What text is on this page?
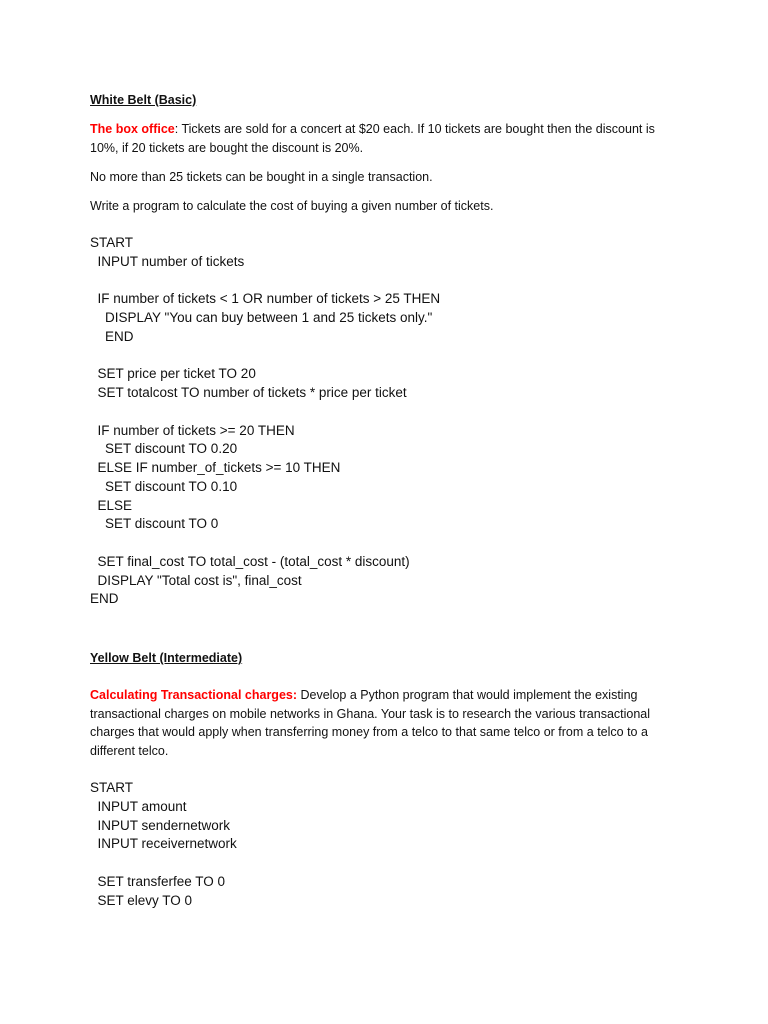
White Belt (Basic)
The box office: Tickets are sold for a concert at $20 each. If 10 tickets are bought then the discount is 10%, if 20 tickets are bought the discount is 20%.
No more than 25 tickets can be bought in a single transaction.
Write a program to calculate the cost of buying a given number of tickets.
START
INPUT number of tickets
IF number of tickets < 1 OR number of tickets > 25 THEN
DISPLAY "You can buy between 1 and 25 tickets only."
END
SET price per ticket TO 20
SET totalcost TO number of tickets * price per ticket
IF number of tickets >= 20 THEN
SET discount TO 0.20
ELSE IF number_of_tickets >= 10 THEN
SET discount TO 0.10
ELSE
SET discount TO 0
SET final_cost TO total_cost - (total_cost * discount)
DISPLAY "Total cost is", final_cost
END
Yellow Belt (Intermediate)
Calculating Transactional charges: Develop a Python program that would implement the existing transactional charges on mobile networks in Ghana. Your task is to research the various transactional charges that would apply when transferring money from a telco to that same telco or from a telco to a different telco.
START
INPUT amount
INPUT sendernetwork
INPUT receivernetwork
SET transferfee TO 0
SET elevy TO 0
